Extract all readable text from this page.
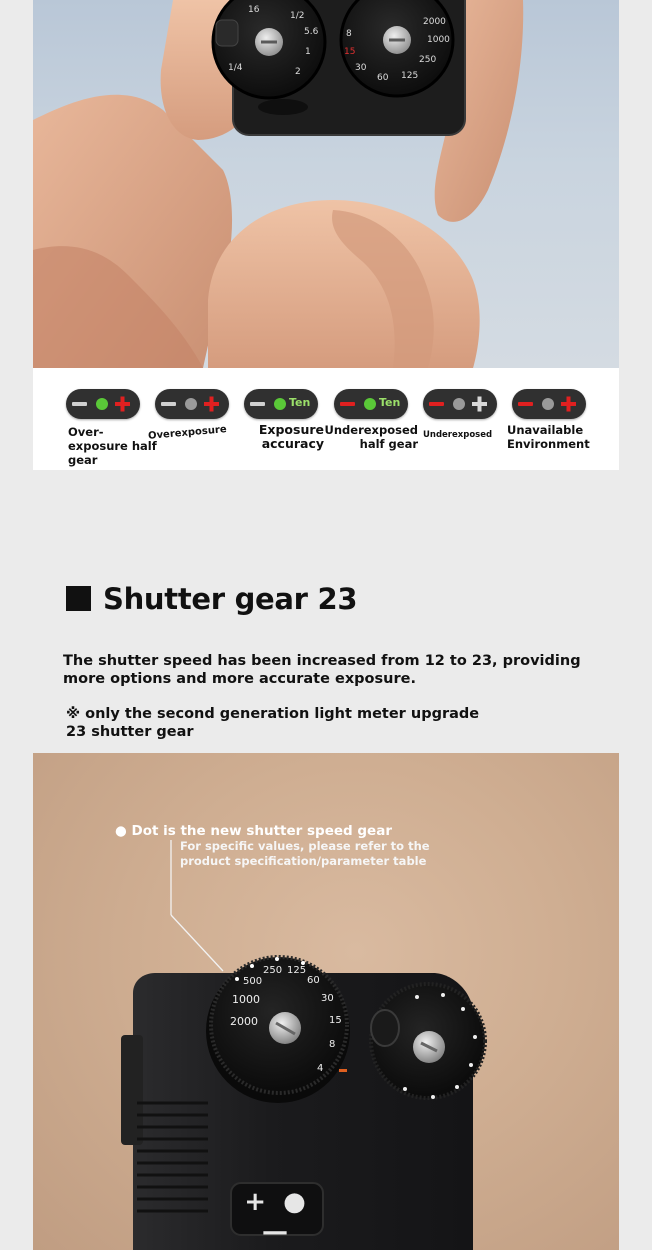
1/2
5.6
1
2
1/4
16
2000
1000
250
125
60
30
15
8
Over-exposure half gear
Overexposure
Ten
Exposure accuracy
Ten
Underexposed half gear
Underexposed	Unavailable Environment
Shutter gear 23
The shutter speed has been increased from 12 to 23, providing more options and more accurate exposure.
※ only the second generation light meter upgrade 23 shutter gear
2000
1000
500
250 125
60
30
15
8
4
● Dot is the new shutter speed gear
For specific values, please refer to the
product specification/parameter table
+ ● —
